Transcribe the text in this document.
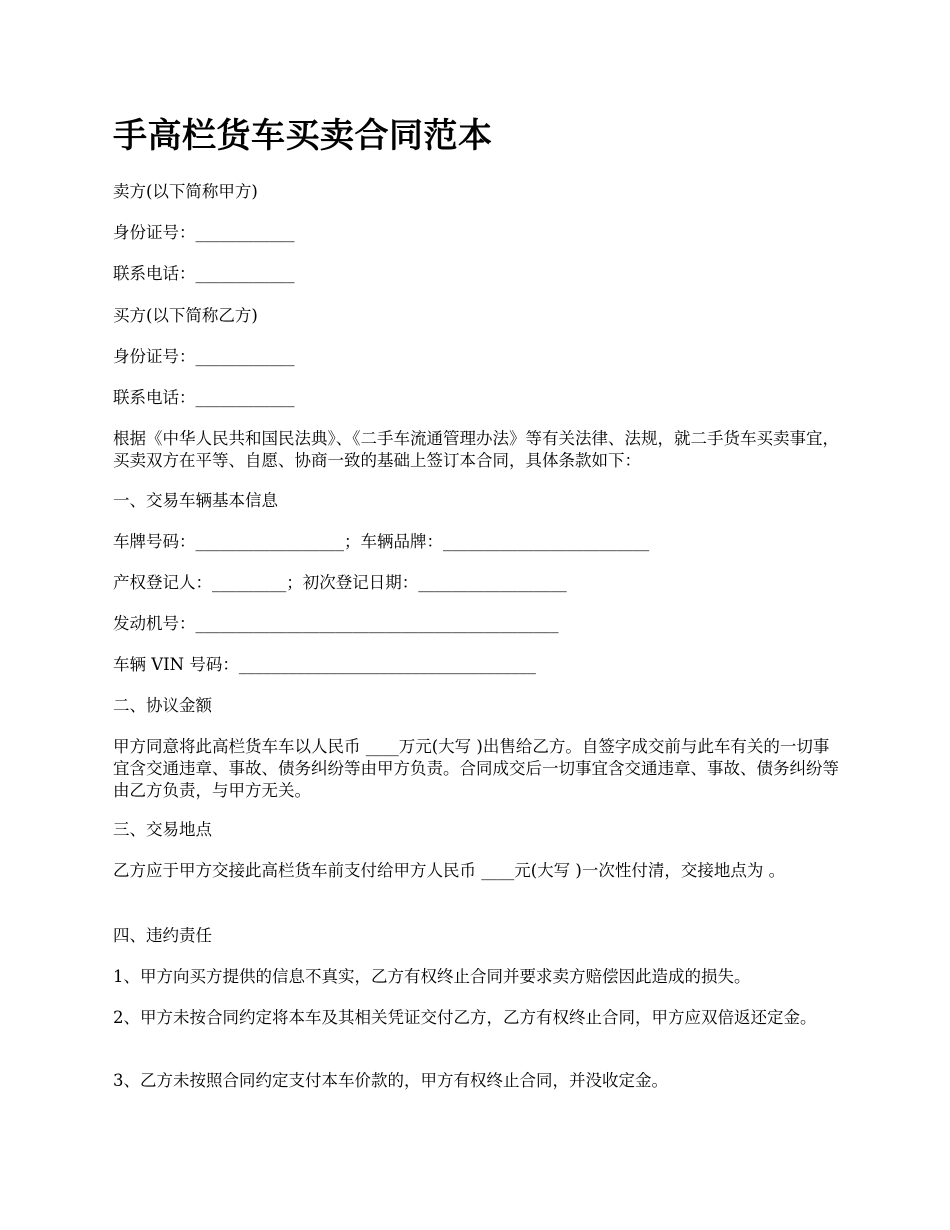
手高栏货车买卖合同范本

卖方(以下简称甲方)

身份证号：____________

联系电话：____________

买方(以下简称乙方)

身份证号：____________

联系电话：____________

根据《中华人民共和国民法典》、《二手车流通管理办法》等有关法律、法规，就二手货车买卖事宜，买卖双方在平等、自愿、协商一致的基础上签订本合同，具体条款如下：

一、交易车辆基本信息

车牌号码：__________________；车辆品牌：_________________________

产权登记人：_________；初次登记日期：__________________

发动机号：____________________________________________

车辆 VIN 号码：____________________________________

二、协议金额

甲方同意将此高栏货车车以人民币 ____万元(大写 )出售给乙方。自签字成交前与此车有关的一切事宜含交通违章、事故、债务纠纷等由甲方负责。合同成交后一切事宜含交通违章、事故、债务纠纷等由乙方负责，与甲方无关。

三、交易地点

乙方应于甲方交接此高栏货车前支付给甲方人民币 ____元(大写 )一次性付清，交接地点为 。

四、违约责任

1、甲方向买方提供的信息不真实，乙方有权终止合同并要求卖方赔偿因此造成的损失。

2、甲方未按合同约定将本车及其相关凭证交付乙方，乙方有权终止合同，甲方应双倍返还定金。

3、乙方未按照合同约定支付本车价款的，甲方有权终止合同，并没收定金。
